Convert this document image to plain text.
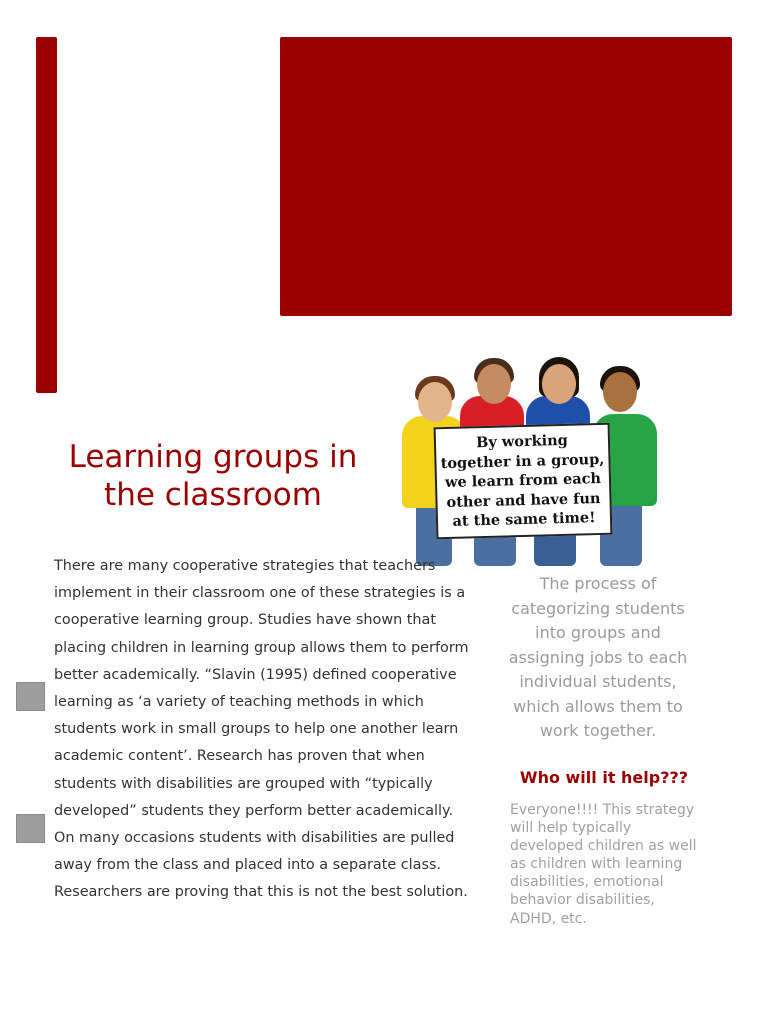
Learning groups in the classroom
By working
together in a group,
we learn from each
other and have fun
at the same time!

There are many cooperative strategies that teachers implement in their classroom one of these strategies is a cooperative learning group. Studies have shown that placing children in learning group allows them to perform better academically. “Slavin (1995) defined cooperative learning as ‘a variety of teaching methods in which students work in small groups to help one another learn academic content’. Research has proven that when students with disabilities are grouped with “typically developed” students they perform better academically. On many occasions students with disabilities are pulled away from the class and placed into a separate class. Researchers are proving that this is not the best solution.

The process of categorizing students into groups and assigning jobs to each individual students, which allows them to work together.

Who will it help???

Everyone!!!! This strategy will help typically developed children as well as children with learning disabilities, emotional behavior disabilities, ADHD, etc.
